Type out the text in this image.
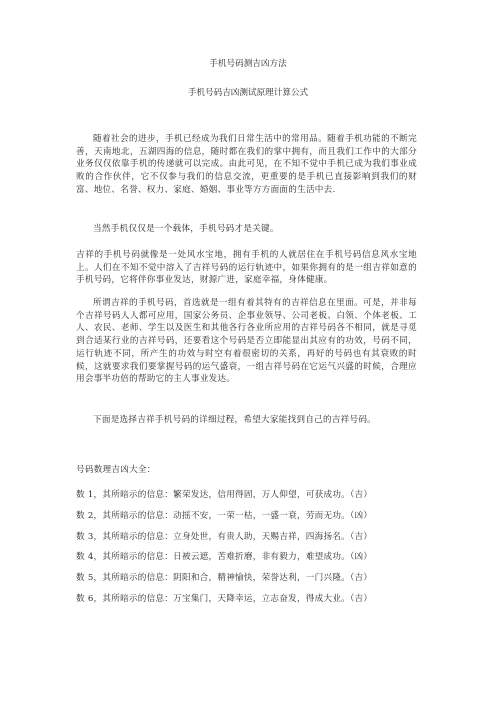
手机号码测吉凶方法
手机号码吉凶测试原理计算公式

随着社会的进步，手机已经成为我们日常生活中的常用品。随着手机功能的不断完善，天南地北，五湖四海的信息，随时都在我们的掌中拥有，而且我们工作中的大部分业务仅仅依靠手机的传递就可以完成。由此可见，在不知不觉中手机已成为我们事业成败的合作伙伴，它不仅参与我们的信息交流，更重要的是手机已直接影响到我们的财富、地位、名誉、权力、家庭、婚姻、事业等方方面面的生活中去.

当然手机仅仅是一个载体，手机号码才是关键。

吉祥的手机号码就像是一处风水宝地，拥有手机的人就居住在手机号码信息风水宝地上。人们在不知不觉中溶入了吉祥号码的运行轨迹中，如果你拥有的是一组吉祥如意的手机号码，它将伴你事业发达，财源广进，家庭幸福，身体健康。

所谓吉祥的手机号码，首选就是一组有着其特有的吉祥信息在里面。可是，并非每个吉祥号码人人都可应用，国家公务员、企事业领导、公司老板、白领、个体老板、工人、农民、老师、学生以及医生和其他各行各业所应用的吉祥号码各不相同，就是寻觅到合适某行业的吉祥号码，还要看这个号码是否立即能显出其应有的功效，号码不同，运行轨迹不同，所产生的功效与时空有着很密切的关系，再好的号码也有其衰败的时候，这就要求我们要掌握号码的运气盛衰，一组吉祥号码在它运气兴盛的时候，合理应用会事半功倍的帮助它的主人事业发达。

下面是选择吉祥手机号码的详细过程，希望大家能找到自己的吉祥号码。

号码数理吉凶大全：

数 1，其所暗示的信息：繁荣发达，信用得固，万人仰望，可获成功。（吉）
数 2，其所暗示的信息：动摇不安，一荣一枯，一盛一衰，劳而无功。（凶）
数 3，其所暗示的信息：立身处世，有贵人助，天赐吉祥，四海扬名。（吉）
数 4，其所暗示的信息：日被云遮，苦难折磨，非有毅力，难望成功。（凶）
数 5，其所暗示的信息：阴阳和合，精神愉快，荣誉达利，一门兴隆。（吉）
数 6，其所暗示的信息：万宝集门，天降幸运，立志奋发，得成大业。（吉）
